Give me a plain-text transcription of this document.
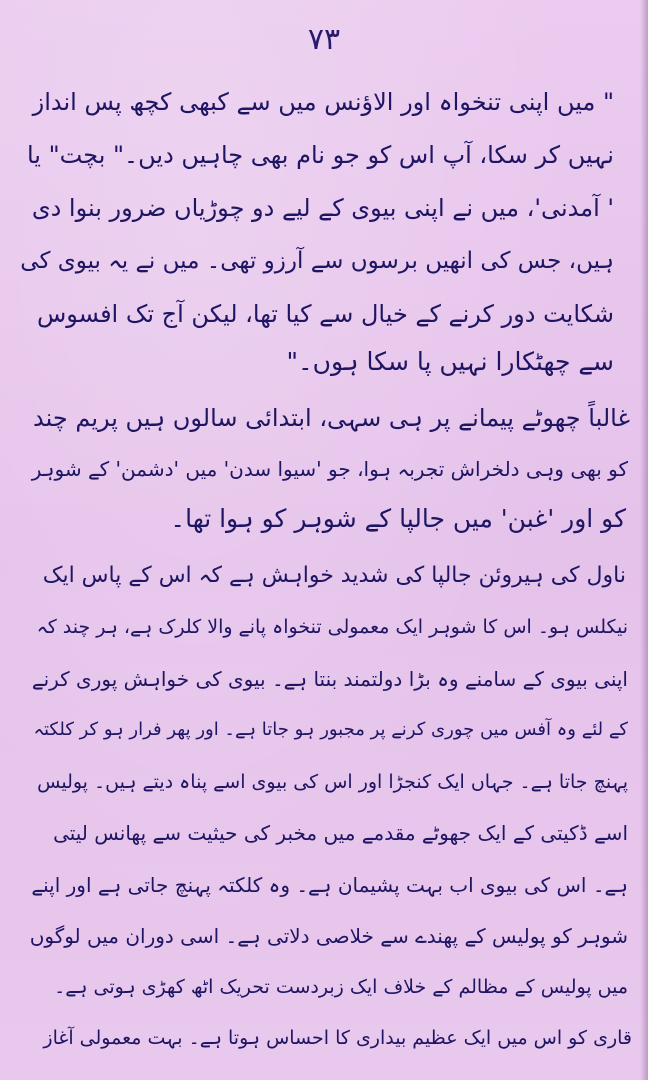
۷۳
" میں اپنی تنخواہ اور الاؤنس میں سے کبھی کچھ پس انداز
نہیں کر سکا، آپ اس کو جو نام بھی چاہیں دیں۔" بچت" یا
' آمدنی'، میں نے اپنی بیوی کے لیے دو چوڑیاں ضرور بنوا دی
ہیں، جس کی انھیں برسوں سے آرزو تھی۔ میں نے یہ بیوی کی
شکایت دور کرنے کے خیال سے کیا تھا، لیکن آج تک افسوس
سے چھٹکارا نہیں پا سکا ہوں۔"
غالباً چھوٹے پیمانے پر ہی سہی، ابتدائی سالوں ہیں پریم چند
کو بھی وہی دلخراش تجربہ ہوا، جو 'سیوا سدن' میں 'دشمن' کے شوہر
کو اور 'غبن' میں جالپا کے شوہر کو ہوا تھا۔
ناول کی ہیروئن جالپا کی شدید خواہش ہے کہ اس کے پاس ایک
نیکلس ہو۔ اس کا شوہر ایک معمولی تنخواہ پانے والا کلرک ہے، ہر چند کہ
اپنی بیوی کے سامنے وہ بڑا دولتمند بنتا ہے۔ بیوی کی خواہش پوری کرنے
کے لئے وہ آفس میں چوری کرنے پر مجبور ہو جاتا ہے۔ اور پھر فرار ہو کر کلکتہ
پہنچ جاتا ہے۔ جہاں ایک کنجڑا اور اس کی بیوی اسے پناہ دیتے ہیں۔ پولیس
اسے ڈکیتی کے ایک جھوٹے مقدمے میں مخبر کی حیثیت سے پھانس لیتی
ہے۔ اس کی بیوی اب بہت پشیمان ہے۔ وہ کلکتہ پہنچ جاتی ہے اور اپنے
شوہر کو پولیس کے پھندے سے خلاصی دلاتی ہے۔ اسی دوران میں لوگوں
میں پولیس کے مظالم کے خلاف ایک زبردست تحریک اٹھ کھڑی ہوتی ہے۔
قاری کو اس میں ایک عظیم بیداری کا احساس ہوتا ہے۔ بہت معمولی آغاز
